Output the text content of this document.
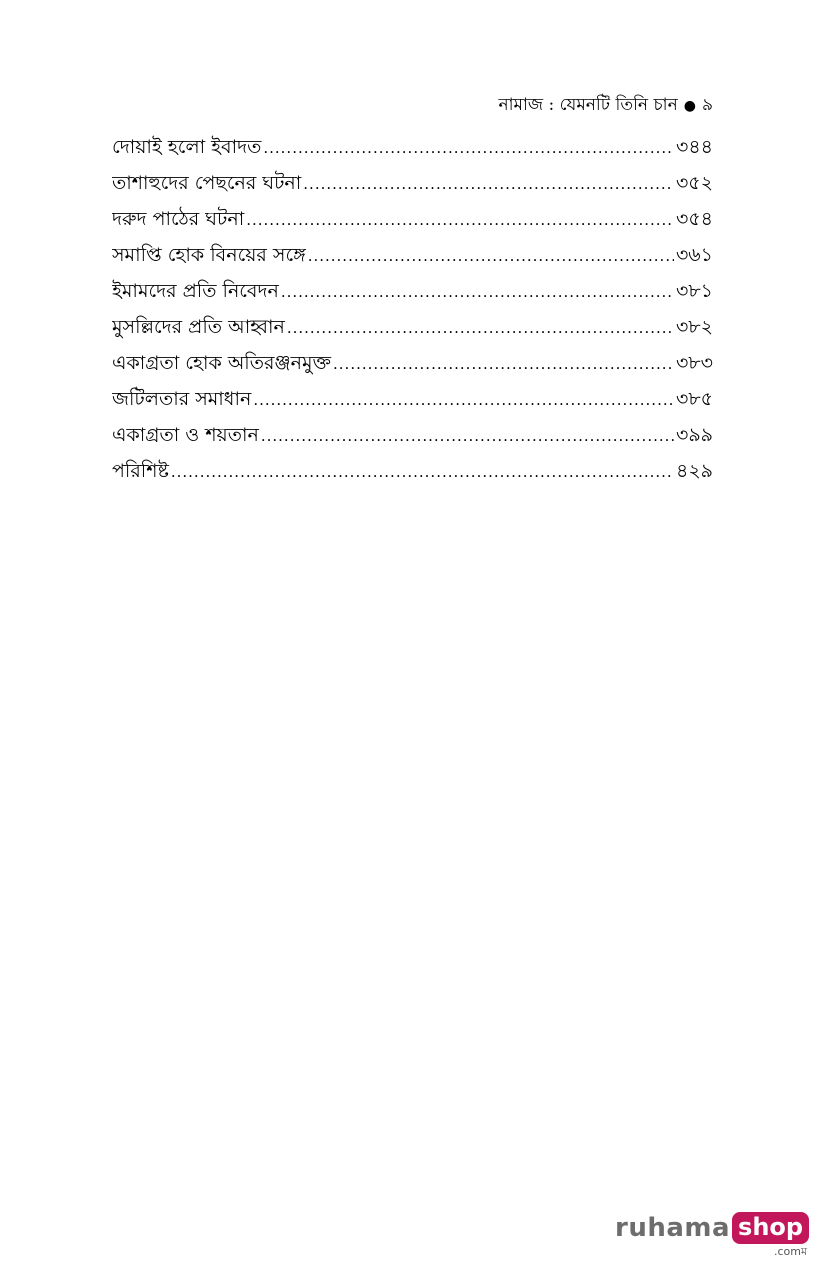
নামাজ : যেমনটি তিনি চান ● ৯
দোয়াই হলো ইবাদত .....	৩৪৪
তাশাহুদের পেছনের ঘটনা .....	৩৫২
দরুদ পাঠের ঘটনা .....	৩৫৪
সমাপ্তি হোক বিনয়ের সঙ্গে .....	৩৬১
ইমামদের প্রতি নিবেদন .....	৩৮১
মুসল্লিদের প্রতি আহ্বান .....	৩৮২
একাগ্রতা হোক অতিরঞ্জনমুক্ত .....	৩৮৩
জটিলতার সমাধান .....	৩৮৫
একাগ্রতা ও শয়তান .....	৩৯৯
পরিশিষ্ট .....	৪২৯
ruhama shop
.comম
